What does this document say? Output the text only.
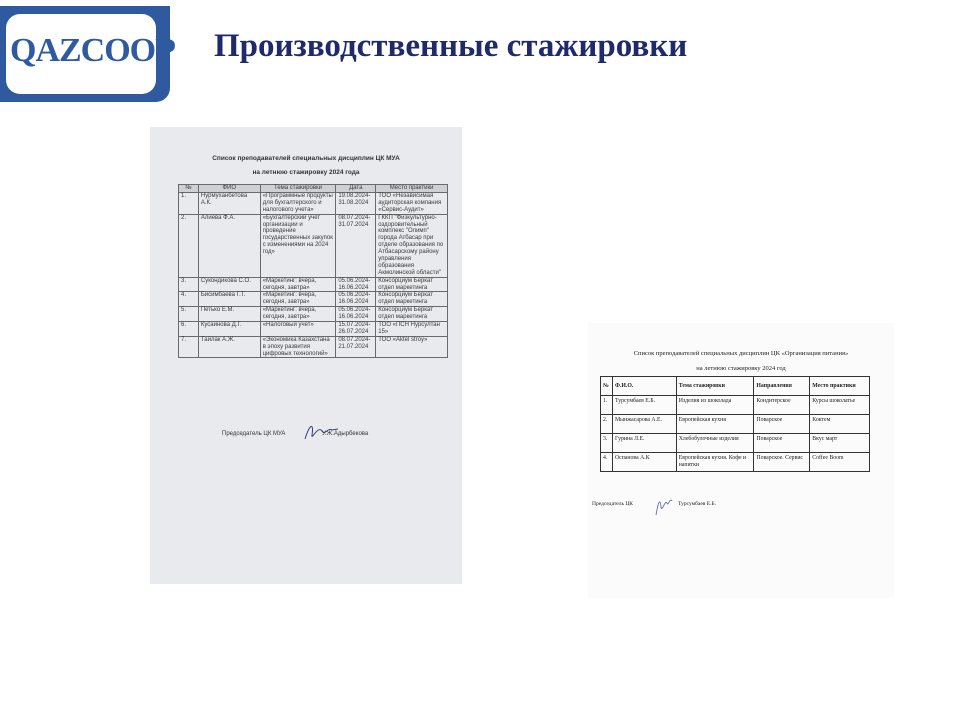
QAZCOOP Производственные стажировки
Список преподавателей специальных дисциплин ЦК МУА
на летнюю стажировку 2024 года
№	ФИО	Тема стажировки	Дата	Место практики
1.	Нурмуханбетова А.К.	«Программные продукты для бухгалтерского и налогового учета»	19.08.2024-31.08.2024	ТОО «Независимая аудиторская компания «Сервис-Аудит»
2.	Алиева Ф.А.	«Бухгалтерский учет организации и проведение государственных закупок с изменениями на 2024 год»	08.07.2024-31.07.2024	ГККП "Физкультурно-оздоровительный комплекс "Олимп" города Атбасар при отделе образования по Атбасарскому району управления образования Акмолинской области"
3.	Сукондикова С.О.	«Маркетинг: вчера, сегодня, завтра»	05.06.2024-16.06.2024	Консорциум Беркат отдел маркетинга
4.	Бисимбаева Г.Т.	«Маркетинг: вчера, сегодня, завтра»	05.06.2024-16.06.2024	Консорциум Беркат отдел маркетинга
5.	Петько Е.М.	«Маркетинг: вчера, сегодня, завтра»	05.06.2024-16.06.2024	Консорциум Беркат отдел маркетинга
6.	Кусаинова Д.Г.	«Налоговый учет»	15.07.2024-26.07.2024	ТОО «ПСН Нурсултан 15»
7.	Тайлак А.Ж.	«Экономика Казахстана в эпоху развития цифровых технологий»	08.07.2024-21.07.2024	ТОО «Aktel stroy»
Председатель ЦК МУА	У.Ж.Адырбекова
Список преподавателей специальных дисциплин ЦК «Организация питания»
на летнюю стажировку 2024 год
№	Ф.И.О.	Тема стажировки	Направления	Место практики
1.	Турсумбаев Е.Б.	Изделия из шоколада	Кондитерское	Курсы шоколатье
2.	Мынжасарова А.Е.	Европейская кухня	Поварское	Коктем
3.	Гурина Л.Е.	Хлебобулочные изделия	Поварское	Вкус март
4.	Оспанова А.К	Европейская кухня. Кофе и напитки	Поварское. Сервис	Coffee Boom
Председатель ЦК	Турсумбаев Е.Б.
